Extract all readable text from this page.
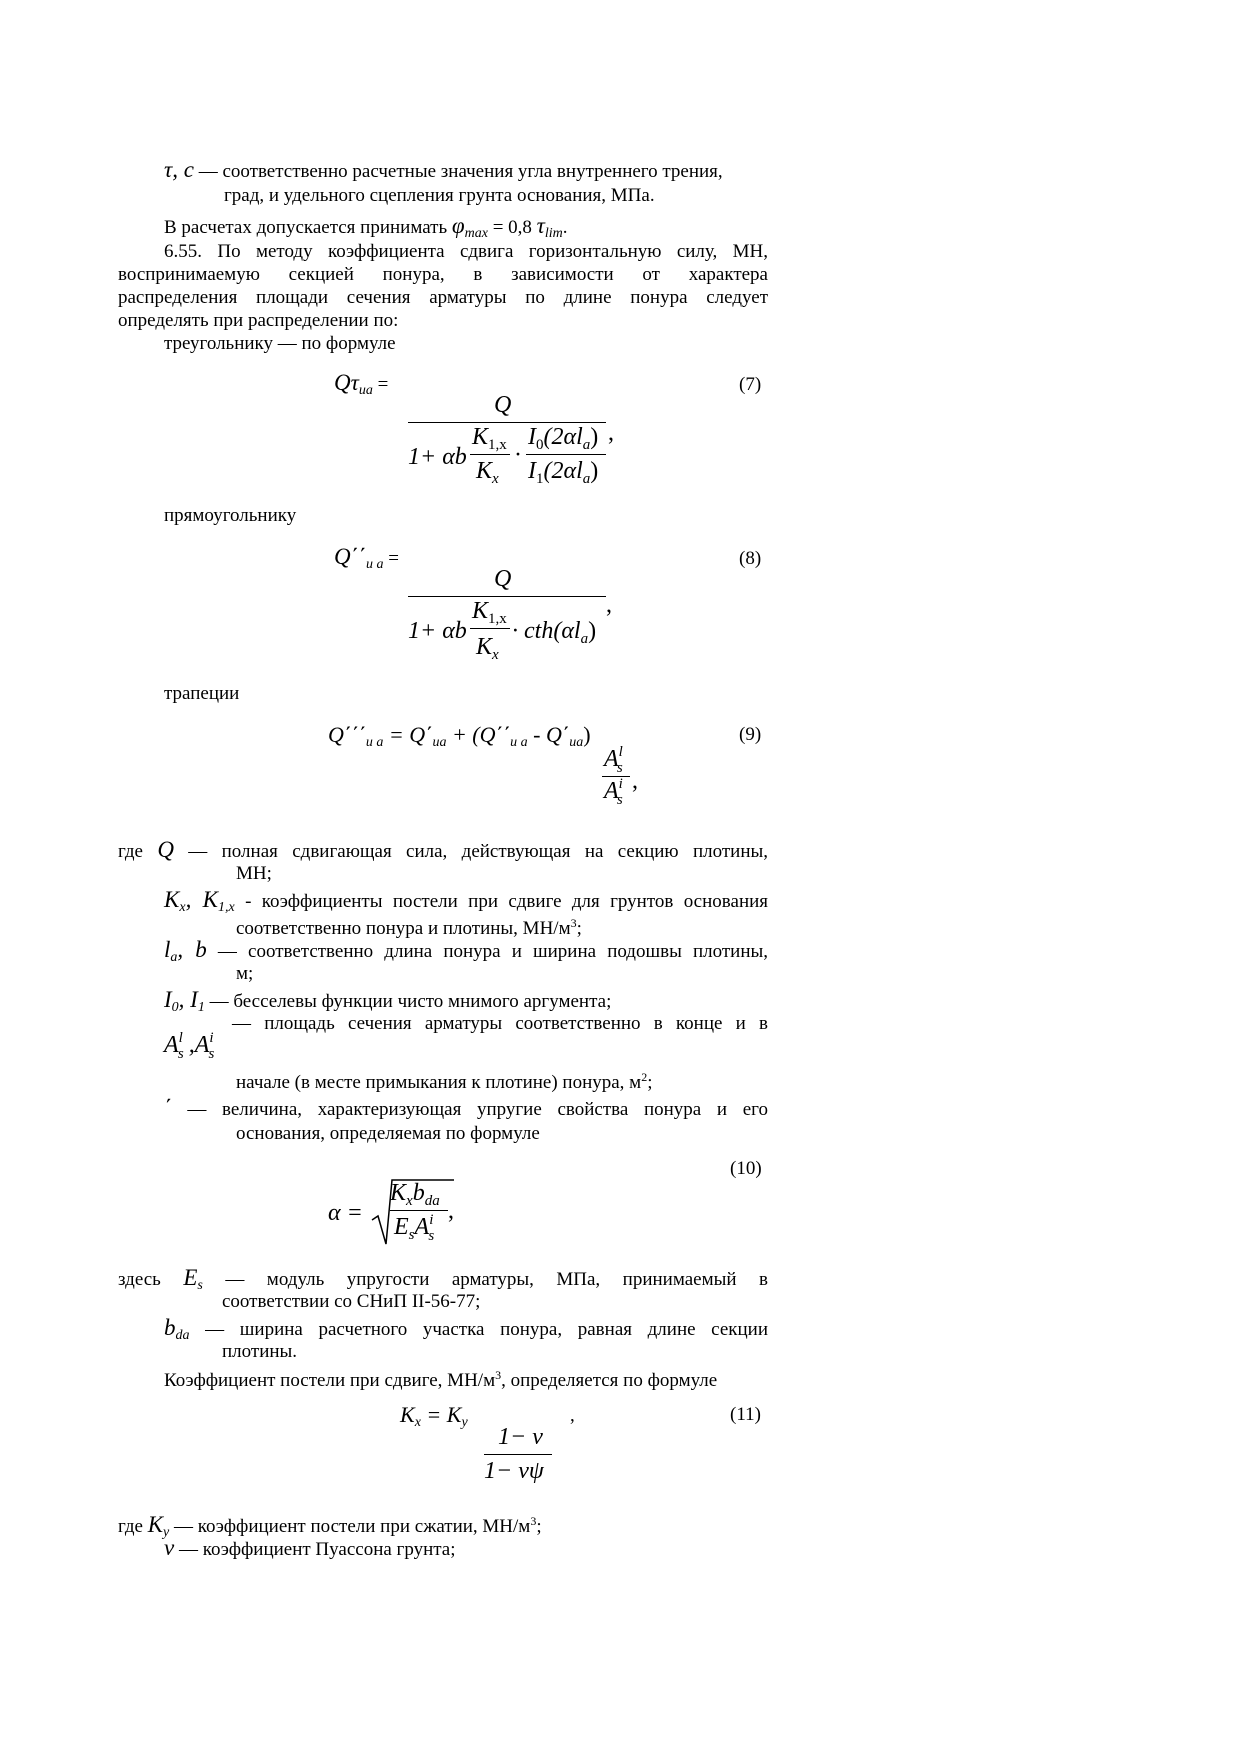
τ, c — соответственно расчетные значения угла внутреннего трения,
град, и удельного сцепления грунта основания, МПа.
В расчетах допускается принимать $\varphi_{max} = 0,8$ $\tau_{lim}$.
6.55. По методу коэффициента сдвига горизонтальную силу, МН,
воспринимаемую секцией понура, в зависимости от характера
распределения площади сечения арматуры по длине понура следует
определять при распределении по:
треугольнику — по формуле
Qτua =	(7)
Q
,
1+ αb
$K_{1,x}$
$K_x$
·
$I_0(2\alpha l_a)$
$I_1(2\alpha l_a)$
прямоугольнику
Q΄΄u a =	(8)
Q
,
1+ αb
$K_{1,x}$
$K_x$
· $cth(\alpha l_a)$
трапеции
$Q΄΄΄_{u a} = Q΄_{ua} + (Q΄΄_{u a} - Q΄_{ua})$	(9)
$A^l_s$
$A^i_s$
,
где Q — полная сдвигающая сила, действующая на секцию плотины,
МН;
$K_x$, $K_{1,x}$ - коэффициенты постели при сдвиге для грунтов основания
соответственно понура и плотины, $МН/м^3$;
$l_a$, b — соответственно длина понура и ширина подошвы плотины,
м;
$I_0$, $I_1$ — бесселевы функции чисто мнимого аргумента;
— площадь сечения арматуры соответственно в конце и в
$A^l_s$ $,A^i_s$
начале (в месте примыкания к плотине) понура, $м^2$;
΄ — величина, характеризующая упругие свойства понура и его
основания, определяемая по формуле
(10)
α =
$K_xb_{da}$
$E_sA^i_s$
,
здесь $E_s$ — модуль упругости арматуры, МПа, принимаемый в
соответствии со СНиП II-56-77;
$b_{da}$ — ширина расчетного участка понура, равная длине секции
плотины.
Коэффициент постели при сдвиге, $МН/м^3$, определяется по формуле
$K_x = K_y$	,	(11)
1− ν
1− νψ
где $K_y$ — коэффициент постели при сжатии, $МН/м^3$;
ν — коэффициент Пуассона грунта;
